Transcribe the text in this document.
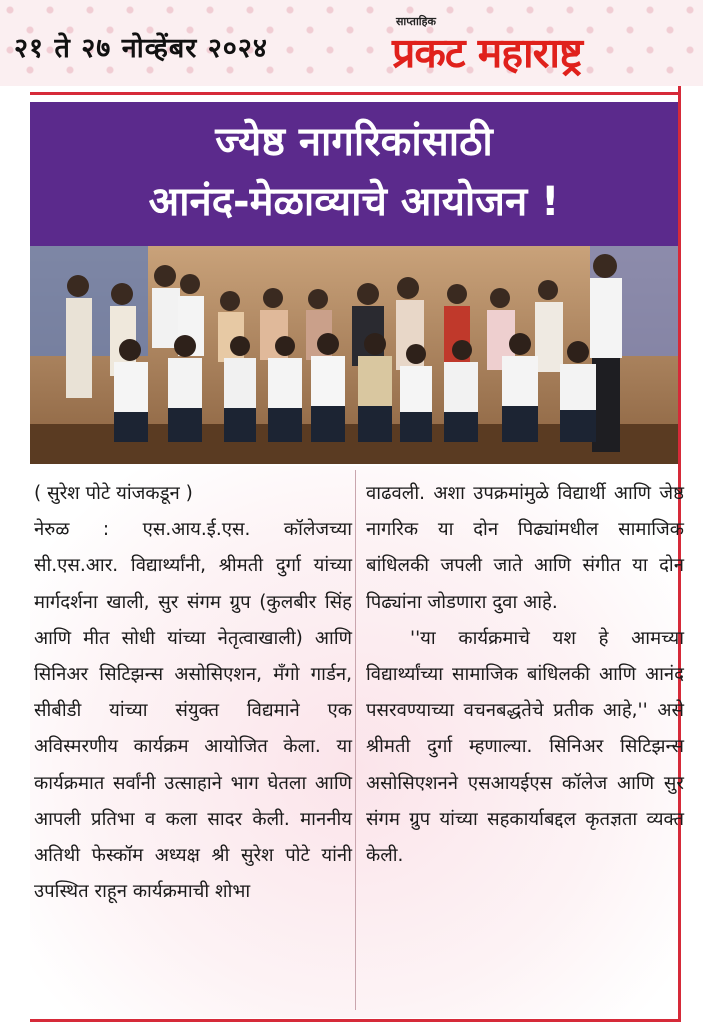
२१ ते २७ नोव्हेंबर २०२४
साप्ताहिक
प्रकट महाराष्ट्र
ज्येष्ठ नागरिकांसाठी
आनंद-मेळाव्याचे आयोजन !

( सुरेश पोटे यांजकडून )

नेरुळ : एस.आय.ई.एस. कॉलेजच्या सी.एस.आर. विद्यार्थ्यांनी, श्रीमती दुर्गा यांच्या मार्गदर्शना खाली, सुर संगम ग्रुप (कुलबीर सिंह आणि मीत सोधी यांच्या नेतृत्वाखाली) आणि सिनिअर सिटिझन्स असोसिएशन, मँगो गार्डन, सीबीडी यांच्या संयुक्त विद्यमाने एक अविस्मरणीय कार्यक्रम आयोजित केला. या कार्यक्रमात सर्वांनी उत्साहाने भाग घेतला आणि आपली प्रतिभा व कला सादर केली. माननीय अतिथी फेस्कॉम अध्यक्ष श्री सुरेश पोटे यांनी उपस्थित राहून कार्यक्रमाची शोभा

वाढवली. अशा उपक्रमांमुळे विद्यार्थी आणि जेष्ठ नागरिक या दोन पिढ्यांमधील सामाजिक बांधिलकी जपली जाते आणि संगीत या दोन पिढ्यांना जोडणारा दुवा आहे.

''या कार्यक्रमाचे यश हे आमच्या विद्यार्थ्यांच्या सामाजिक बांधिलकी आणि आनंद पसरवण्याच्या वचनबद्धतेचे प्रतीक आहे,'' असे श्रीमती दुर्गा म्हणाल्या. सिनिअर सिटिझन्स असोसिएशनने एसआयईएस कॉलेज आणि सुर संगम ग्रुप यांच्या सहकार्याबद्दल कृतज्ञता व्यक्त केली.
